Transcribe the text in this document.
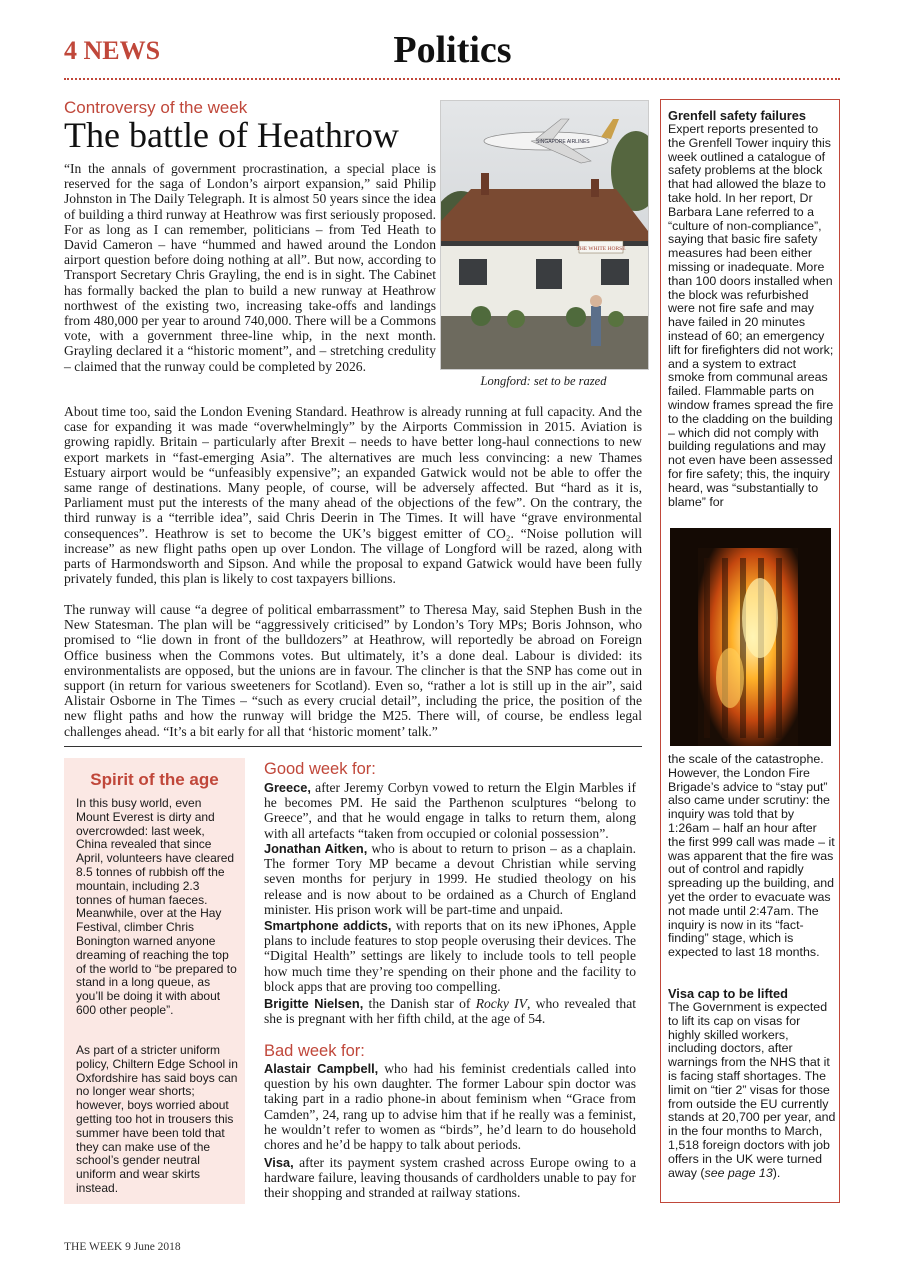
4 NEWS	Politics
Controversy of the week
The battle of Heathrow

“In the annals of government procrastination, a special place is reserved for the saga of London’s airport expansion,” said Philip Johnston in The Daily Telegraph. It is almost 50 years since the idea of building a third runway at Heathrow was first seriously proposed. For as long as I can remember, politicians – from Ted Heath to David Cameron – have “hummed and hawed around the London airport question before doing nothing at all”. But now, according to Transport Secretary Chris Grayling, the end is in sight. The Cabinet has formally backed the plan to build a new runway at Heathrow northwest of the existing two, increasing take-offs and landings from 480,000 per year to around 740,000. There will be a Commons vote, with a government three-line whip, in the next month. Grayling declared it a “historic moment”, and – stretching credulity – claimed that the runway could be completed by 2026.

SINGAPORE AIRLINES
THE WHITE HORSE
Longford: set to be razed

About time too, said the London Evening Standard. Heathrow is already running at full capacity. And the case for expanding it was made “overwhelmingly” by the Airports Commission in 2015. Aviation is growing rapidly. Britain – particularly after Brexit – needs to have better long-haul connections to new export markets in “fast-emerging Asia”. The alternatives are much less convincing: a new Thames Estuary airport would be “unfeasibly expensive”; an expanded Gatwick would not be able to offer the same range of destinations. Many people, of course, will be adversely affected. But “hard as it is, Parliament must put the interests of the many ahead of the objections of the few”. On the contrary, the third runway is a “terrible idea”, said Chris Deerin in The Times. It will have “grave environmental consequences”. Heathrow is set to become the UK’s biggest emitter of CO₂. “Noise pollution will increase” as new flight paths open up over London. The village of Longford will be razed, along with parts of Harmondsworth and Sipson. And while the proposal to expand Gatwick would have been fully privately funded, this plan is likely to cost taxpayers billions.

The runway will cause “a degree of political embarrassment” to Theresa May, said Stephen Bush in the New Statesman. The plan will be “aggressively criticised” by London’s Tory MPs; Boris Johnson, who promised to “lie down in front of the bulldozers” at Heathrow, will reportedly be abroad on Foreign Office business when the Commons votes. But ultimately, it’s a done deal. Labour is divided: its environmentalists are opposed, but the unions are in favour. The clincher is that the SNP has come out in support (in return for various sweeteners for Scotland). Even so, “rather a lot is still up in the air”, said Alistair Osborne in The Times – “such as every crucial detail”, including the price, the position of the new flight paths and how the runway will bridge the M25. There will, of course, be endless legal challenges ahead. “It’s a bit early for all that ‘historic moment’ talk.”

Grenfell safety failures

Expert reports presented to the Grenfell Tower inquiry this week outlined a catalogue of safety problems at the block that had allowed the blaze to take hold. In her report, Dr Barbara Lane referred to a “culture of non-compliance”, saying that basic fire safety measures had been either missing or inadequate. More than 100 doors installed when the block was refurbished were not fire safe and may have failed in 20 minutes instead of 60; an emergency lift for firefighters did not work; and a system to extract smoke from communal areas failed. Flammable parts on window frames spread the fire to the cladding on the building – which did not comply with building regulations and may not even have been assessed for fire safety; this, the inquiry heard, was “substantially to blame” for

the scale of the catastrophe. However, the London Fire Brigade’s advice to “stay put” also came under scrutiny: the inquiry was told that by 1:26am – half an hour after the first 999 call was made – it was apparent that the fire was out of control and rapidly spreading up the building, and yet the order to evacuate was not made until 2:47am. The inquiry is now in its “fact-finding” stage, which is expected to last 18 months.

Visa cap to be lifted

The Government is expected to lift its cap on visas for highly skilled workers, including doctors, after warnings from the NHS that it is facing staff shortages. The limit on “tier 2” visas for those from outside the EU currently stands at 20,700 per year, and in the four months to March, 1,518 foreign doctors with job offers in the UK were turned away (see page 13).

Spirit of the age

In this busy world, even Mount Everest is dirty and overcrowded: last week, China revealed that since April, volunteers have cleared 8.5 tonnes of rubbish off the mountain, including 2.3 tonnes of human faeces. Meanwhile, over at the Hay Festival, climber Chris Bonington warned anyone dreaming of reaching the top of the world to “be prepared to stand in a long queue, as you’ll be doing it with about 600 other people”.

As part of a stricter uniform policy, Chiltern Edge School in Oxfordshire has said boys can no longer wear shorts; however, boys worried about getting too hot in trousers this summer have been told that they can make use of the school’s gender neutral uniform and wear skirts instead.

Good week for:

Greece, after Jeremy Corbyn vowed to return the Elgin Marbles if he becomes PM. He said the Parthenon sculptures “belong to Greece”, and that he would engage in talks to return them, along with all artefacts “taken from occupied or colonial possession”.

Jonathan Aitken, who is about to return to prison – as a chaplain. The former Tory MP became a devout Christian while serving seven months for perjury in 1999. He studied theology on his release and is now about to be ordained as a Church of England minister. His prison work will be part-time and unpaid.

Smartphone addicts, with reports that on its new iPhones, Apple plans to include features to stop people overusing their devices. The “Digital Health” settings are likely to include tools to tell people how much time they’re spending on their phone and the facility to block apps that are proving too compelling.

Brigitte Nielsen, the Danish star of Rocky IV, who revealed that she is pregnant with her fifth child, at the age of 54.

Bad week for:

Alastair Campbell, who had his feminist credentials called into question by his own daughter. The former Labour spin doctor was taking part in a radio phone-in about feminism when “Grace from Camden”, 24, rang up to advise him that if he really was a feminist, he wouldn’t refer to women as “birds”, he’d learn to do household chores and he’d be happy to talk about periods.

Visa, after its payment system crashed across Europe owing to a hardware failure, leaving thousands of cardholders unable to pay for their shopping and stranded at railway stations.

THE WEEK 9 June 2018
